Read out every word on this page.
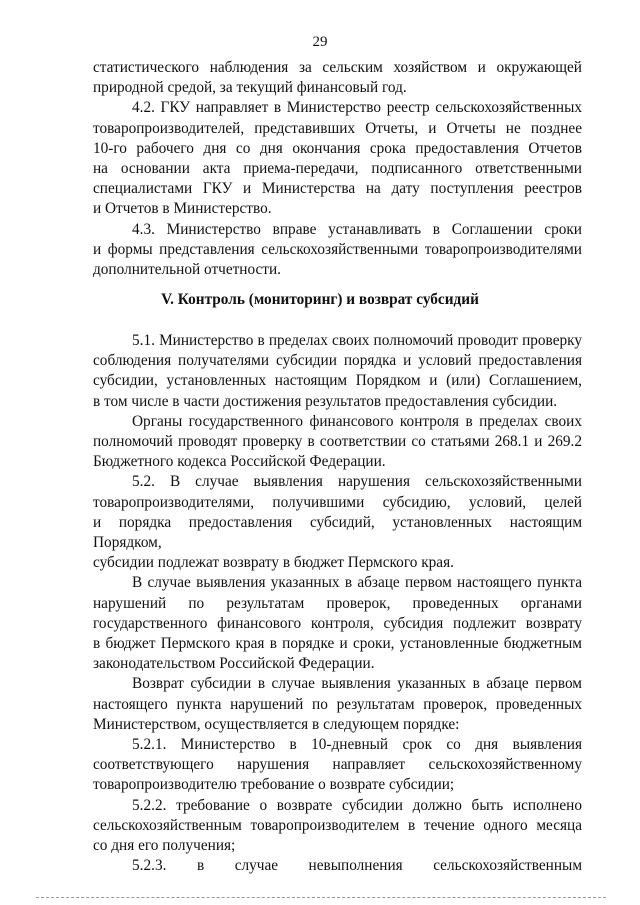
29
статистического наблюдения за сельским хозяйством и окружающей
природной средой, за текущий финансовый год.
4.2. ГКУ направляет в Министерство реестр сельскохозяйственных
товаропроизводителей, представивших Отчеты, и Отчеты не позднее
10-го рабочего дня со дня окончания срока предоставления Отчетов
на основании акта приема-передачи, подписанного ответственными
специалистами ГКУ и Министерства на дату поступления реестров
и Отчетов в Министерство.
4.3. Министерство вправе устанавливать в Соглашении сроки
и формы представления сельскохозяйственными товаропроизводителями
дополнительной отчетности.
V. Контроль (мониторинг) и возврат субсидий
5.1. Министерство в пределах своих полномочий проводит проверку
соблюдения получателями субсидии порядка и условий предоставления
субсидии, установленных настоящим Порядком и (или) Соглашением,
в том числе в части достижения результатов предоставления субсидии.
Органы государственного финансового контроля в пределах своих
полномочий проводят проверку в соответствии со статьями 268.1 и 269.2
Бюджетного кодекса Российской Федерации.
5.2. В случае выявления нарушения сельскохозяйственными
товаропроизводителями, получившими субсидию, условий, целей
и порядка предоставления субсидий, установленных настоящим Порядком,
субсидии подлежат возврату в бюджет Пермского края.
В случае выявления указанных в абзаце первом настоящего пункта
нарушений по результатам проверок, проведенных органами
государственного финансового контроля, субсидия подлежит возврату
в бюджет Пермского края в порядке и сроки, установленные бюджетным
законодательством Российской Федерации.
Возврат субсидии в случае выявления указанных в абзаце первом
настоящего пункта нарушений по результатам проверок, проведенных
Министерством, осуществляется в следующем порядке:
5.2.1. Министерство в 10-дневный срок со дня выявления
соответствующего нарушения направляет сельскохозяйственному
товаропроизводителю требование о возврате субсидии;
5.2.2. требование о возврате субсидии должно быть исполнено
сельскохозяйственным товаропроизводителем в течение одного месяца
со дня его получения;
5.2.3. в случае невыполнения сельскохозяйственным
